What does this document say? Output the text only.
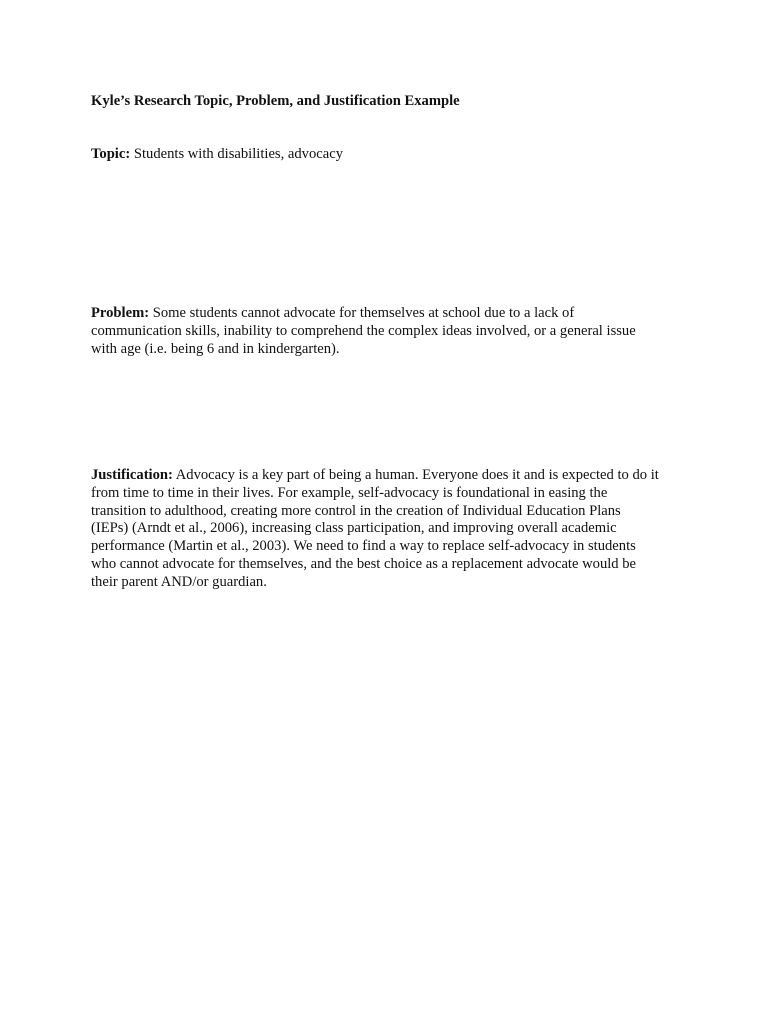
Kyle’s Research Topic, Problem, and Justification Example

Topic: Students with disabilities, advocacy

Problem: Some students cannot advocate for themselves at school due to a lack of
communication skills, inability to comprehend the complex ideas involved, or a general issue
with age (i.e. being 6 and in kindergarten).

Justification: Advocacy is a key part of being a human. Everyone does it and is expected to do it
from time to time in their lives. For example, self-advocacy is foundational in easing the
transition to adulthood, creating more control in the creation of Individual Education Plans
(IEPs) (Arndt et al., 2006), increasing class participation, and improving overall academic
performance (Martin et al., 2003). We need to find a way to replace self-advocacy in students
who cannot advocate for themselves, and the best choice as a replacement advocate would be
their parent AND/or guardian.
